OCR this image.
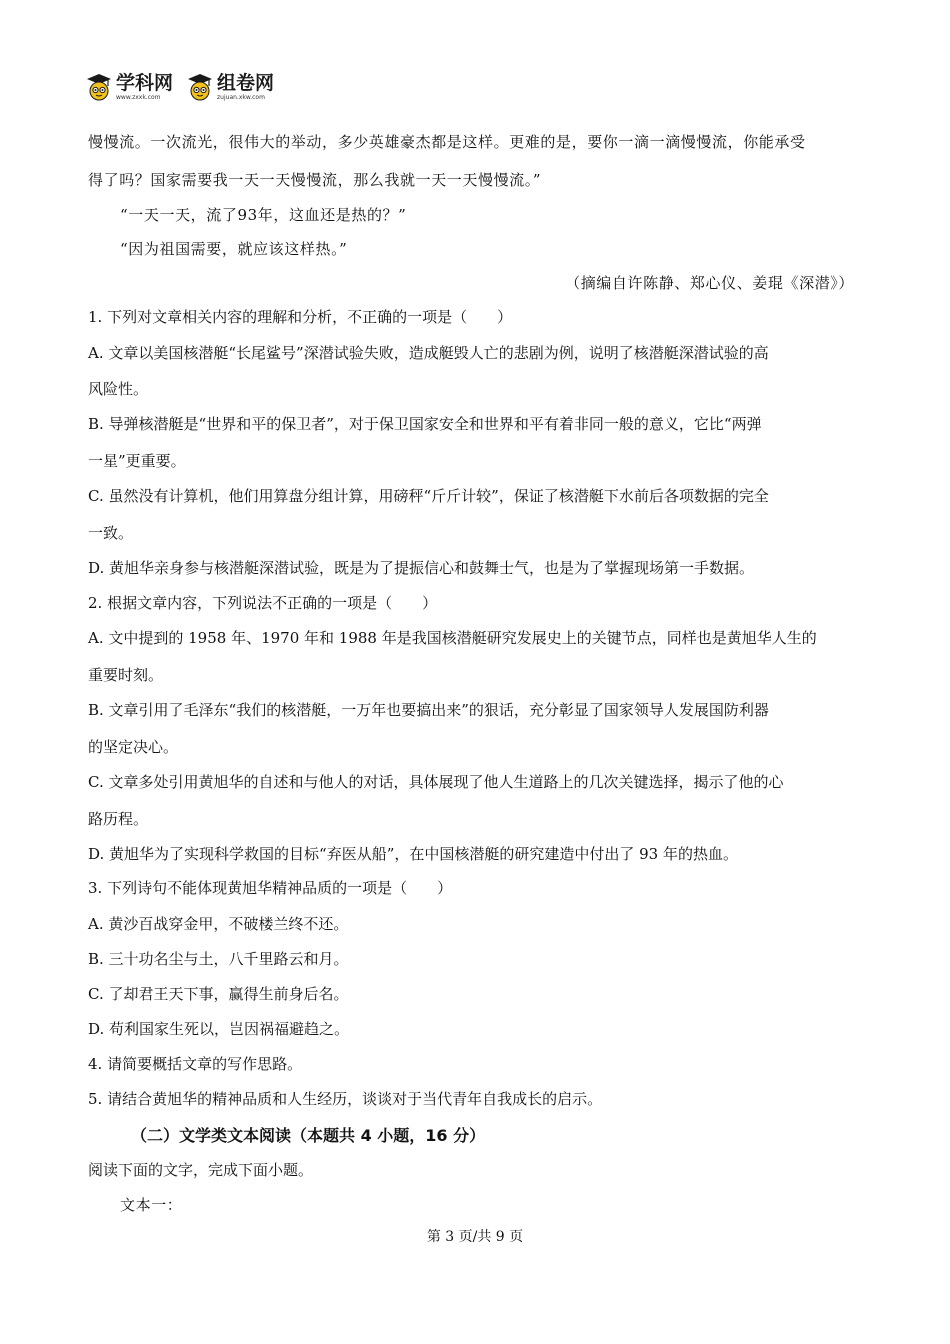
学科网
www.zxxk.com
组卷网
zujuan.xkw.com
慢慢流。一次流光，很伟大的举动，多少英雄豪杰都是这样。更难的是，要你一滴一滴慢慢流，你能承受
得了吗？国家需要我一天一天慢慢流，那么我就一天一天慢慢流。”
“一天一天，流了93年，这血还是热的？”
“因为祖国需要，就应该这样热。”
（摘编自许陈静、郑心仪、姜琨《深潜》）
1. 下列对文章相关内容的理解和分析，不正确的一项是（　　）
A. 文章以美国核潜艇“长尾鲨号”深潜试验失败，造成艇毁人亡的悲剧为例，说明了核潜艇深潜试验的高
风险性。
B. 导弹核潜艇是“世界和平的保卫者”，对于保卫国家安全和世界和平有着非同一般的意义，它比“两弹
一星”更重要。
C. 虽然没有计算机，他们用算盘分组计算，用磅秤“斤斤计较”，保证了核潜艇下水前后各项数据的完全
一致。
D. 黄旭华亲身参与核潜艇深潜试验，既是为了提振信心和鼓舞士气，也是为了掌握现场第一手数据。
2. 根据文章内容，下列说法不正确的一项是（　　）
A. 文中提到的 1958 年、1970 年和 1988 年是我国核潜艇研究发展史上的关键节点，同样也是黄旭华人生的
重要时刻。
B. 文章引用了毛泽东“我们的核潜艇，一万年也要搞出来”的狠话，充分彰显了国家领导人发展国防利器
的坚定决心。
C. 文章多处引用黄旭华的自述和与他人的对话，具体展现了他人生道路上的几次关键选择，揭示了他的心
路历程。
D. 黄旭华为了实现科学救国的目标“弃医从船”，在中国核潜艇的研究建造中付出了 93 年的热血。
3. 下列诗句不能体现黄旭华精神品质的一项是（　　）
A. 黄沙百战穿金甲，不破楼兰终不还。
B. 三十功名尘与土，八千里路云和月。
C. 了却君王天下事，赢得生前身后名。
D. 苟利国家生死以，岂因祸福避趋之。
4. 请简要概括文章的写作思路。
5. 请结合黄旭华的精神品质和人生经历，谈谈对于当代青年自我成长的启示。
（二）文学类文本阅读（本题共 4 小题，16 分）
阅读下面的文字，完成下面小题。
文本一：
第 3 页/共 9 页
